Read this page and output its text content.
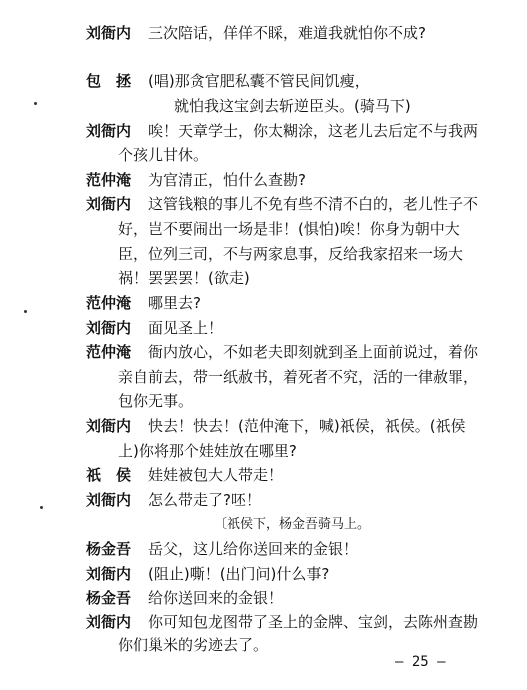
刘衙内 三次陪话，佯佯不睬，难道我就怕你不成?
包　拯 (唱)那贪官肥私囊不管民间饥瘦，
就怕我这宝剑去斩逆臣头。(骑马下)
刘衙内 唉！天章学士，你太糊涂，这老儿去后定不与我两
个孩儿甘休。
范仲淹 为官清正，怕什么查勘?
刘衙内 这管钱粮的事儿不免有些不清不白的，老儿性子不
好，岂不要闹出一场是非！(惧怕)唉！你身为朝中大
臣，位列三司，不与两家息事，反给我家招来一场大
祸！罢罢罢！(欲走)
范仲淹 哪里去?
刘衙内 面见圣上！
范仲淹 衙内放心，不如老夫即刻就到圣上面前说过，着你
亲自前去，带一纸赦书，着死者不究，活的一律赦罪，
包你无事。
刘衙内 快去！快去！(范仲淹下，喊)祇侯，祇侯。(祇侯
上)你将那个娃娃放在哪里?
祇　侯 娃娃被包大人带走！
刘衙内 怎么带走了?呸！
〔祇侯下，杨金吾骑马上。
杨金吾 岳父，这儿给你送回来的金银！
刘衙内 (阻止)嘶！(出门问)什么事?
杨金吾 给你送回来的金银！
刘衙内 你可知包龙图带了圣上的金牌、宝剑，去陈州查勘
你们巢米的劣迹去了。
— 25 —
